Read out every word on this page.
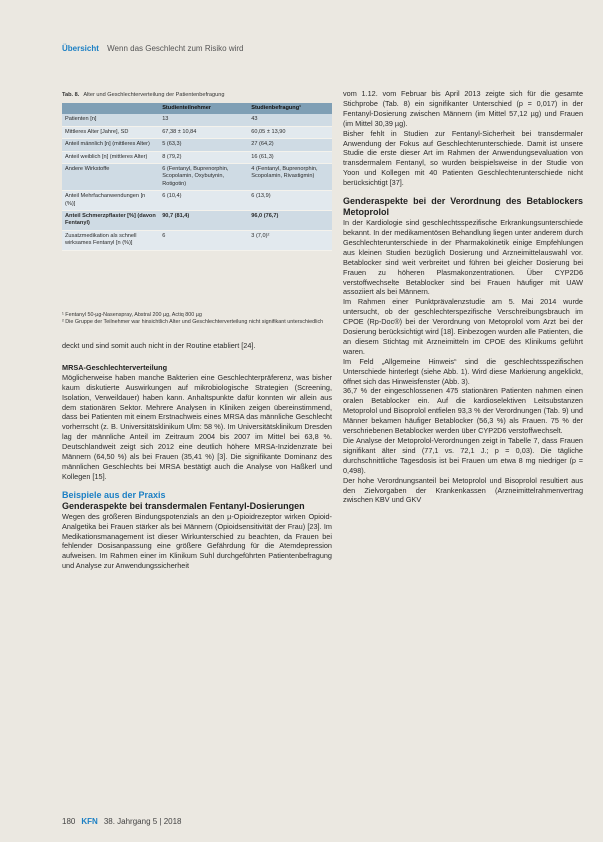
Übersicht Wenn das Geschlecht zum Risiko wird
Tab. 8. Alter und Geschlechterverteilung der Patientenbefragung
	Studienteilnehmer	Studienbefragung¹
Patienten [n]	13	43
Mittleres Alter [Jahre], SD	67,38 ± 10,84	60,05 ± 13,90
Anteil männlich [n] (mittleres Alter)	5 (63,3)	27 (64,2)
Anteil weiblich [n] (mittleres Alter)	8 (79,2)	16 (61,3)
Andere Wirkstoffe	6 (Fentanyl, Buprenorphin, Scopolamin, Oxybutynin, Rotigotin)	4 (Fentanyl, Buprenorphin, Scopolamin, Rivastigmin)
Anteil Mehrfachanwendungen [n (%)]	6 (10,4)	6 (13,9)
Anteil Schmerzpflaster [%] (davon Fentanyl)	90,7 (81,4)	96,0 (76,7)
Zusatzmedikation als schnell wirksames Fentanyl [n (%)]	6	3 (7,0)²

¹ Fentanyl 50-µg-Nasenspray, Abstral 200 µg, Actiq 800 µg

² Die Gruppe der Teilnehmer war hinsichtlich Alter und Geschlechterverteilung nicht signifikant unterschiedlich

deckt und sind somit auch nicht in der Routine etabliert [24].

MRSA-Geschlechterverteilung

Möglicherweise haben manche Bakterien eine Geschlechterpräferenz, was bisher kaum diskutierte Auswirkungen auf mikrobiologische Strategien (Screening, Isolation, Verweildauer) haben kann. Anhaltspunkte dafür konnten wir allein aus dem stationären Sektor. Mehrere Analysen in Kliniken zeigen übereinstimmend, dass bei Patienten mit einem Erstnachweis eines MRSA das männliche Geschlecht vorherrscht (z. B. Universitätsklinikum Ulm: 58 %). Im Universitätsklinikum Dresden lag der männliche Anteil im Zeitraum 2004 bis 2007 im Mittel bei 63,8 %. Deutschlandweit zeigt sich 2012 eine deutlich höhere MRSA-Inzidenzrate bei Männern (64,50 %) als bei Frauen (35,41 %) [3]. Die signifikante Dominanz des männlichen Geschlechts bei MRSA bestätigt auch die Analyse von Haßkerl und Kollegen [15].

Beispiele aus der Praxis
Genderaspekte bei transdermalen Fentanyl-Dosierungen

Wegen des größeren Bindungspotenzials an den µ-Opioidrezeptor wirken Opioid-Analgetika bei Frauen stärker als bei Männern (Opioidsensitivität der Frau) [23]. Im Medikationsmanagement ist dieser Wirkunterschied zu beachten, da Frauen bei fehlender Dosisanpassung eine größere Gefährdung für die Atemdepression aufweisen. Im Rahmen einer im Klinikum Suhl durchgeführten Patientenbefragung und Analyse zur Anwendungssicherheit

vom 1.12. vom Februar bis April 2013 zeigte sich für die gesamte Stichprobe (Tab. 8) ein signifikanter Unterschied (p = 0,017) in der Fentanyl-Dosierung zwischen Männern (im Mittel 57,12 µg) und Frauen (im Mittel 30,39 µg).

Bisher fehlt in Studien zur Fentanyl-Sicherheit bei transdermaler Anwendung der Fokus auf Geschlechterunterschiede. Damit ist unsere Studie die erste dieser Art im Rahmen der Anwendungsevaluation von transdermalem Fentanyl, so wurden beispielsweise in der Studie von Yoon und Kollegen mit 40 Patienten Geschlechterunterschiede nicht berücksichtigt [37].

Genderaspekte bei der Verordnung des Betablockers Metoprolol

In der Kardiologie sind geschlechtsspezifische Erkrankungsunterschiede bekannt. In der medikamentösen Behandlung liegen unter anderem durch Geschlechterunterschiede in der Pharmakokinetik einige Empfehlungen aus kleinen Studien bezüglich Dosierung und Arzneimittelauswahl vor. Betablocker sind weit verbreitet und führen bei gleicher Dosierung bei Frauen zu höheren Plasmakonzentrationen. Über CYP2D6 verstoffwechselte Betablocker sind bei Frauen häufiger mit UAW assoziiert als bei Männern.

Im Rahmen einer Punktprävalenzstudie am 5. Mai 2014 wurde untersucht, ob der geschlechterspezifische Verschreibungsbrauch im CPOE (Rp-Doc®) bei der Verordnung von Metoprolol vom Arzt bei der Dosierung berücksichtigt wird [18]. Einbezogen wurden alle Patienten, die an diesem Stichtag mit Arzneimitteln im CPOE des Klinikums geführt waren.

Im Feld „Allgemeine Hinweis“ sind die geschlechtsspezifischen Unterschiede hinterlegt (siehe Abb. 1). Wird diese Markierung angeklickt, öffnet sich das Hinweisfenster (Abb. 3).

36,7 % der eingeschlossenen 475 stationären Patienten nahmen einen oralen Betablocker ein. Auf die kardioselektiven Leitsubstanzen Metoprolol und Bisoprolol entfielen 93,3 % der Verordnungen (Tab. 9) und Männer bekamen häufiger Betablocker (56,3 %) als Frauen. 75 % der verschriebenen Betablocker werden über CYP2D6 verstoffwechselt.

Die Analyse der Metoprolol-Verordnungen zeigt in Tabelle 7, dass Frauen signifikant älter sind (77,1 vs. 72,1 J.; p = 0,03). Die tägliche durchschnittliche Tagesdosis ist bei Frauen um etwa 8 mg niedriger (p = 0,498).

Der hohe Verordnungsanteil bei Metoprolol und Bisoprolol resultiert aus den Zielvorgaben der Krankenkassen (Arzneimittelrahmenvertrag zwischen KBV und GKV

180 KFN 38. Jahrgang 5 | 2018
